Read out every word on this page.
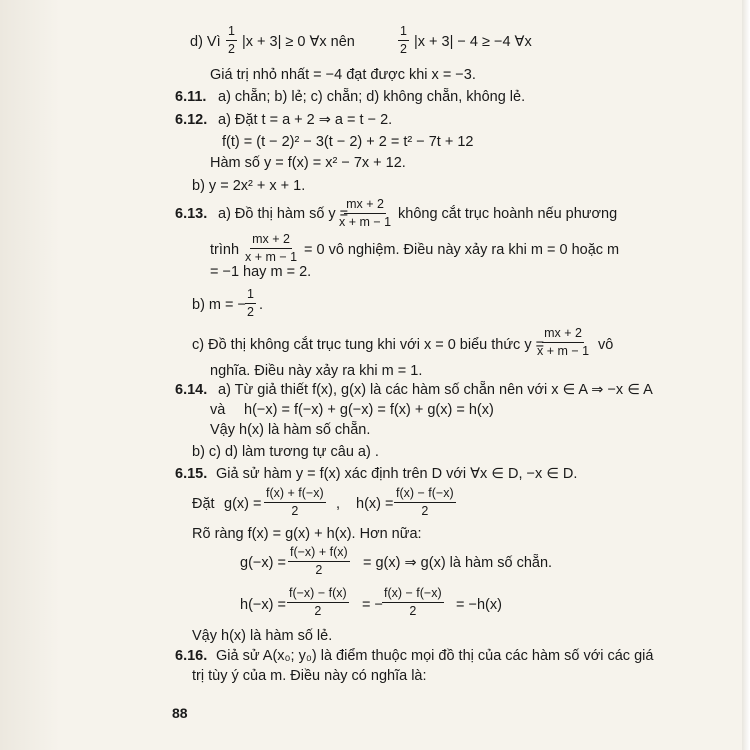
d) Vì $\frac{1}{2} |x + 3| \ge 0$ ∀x nên	$\frac{1}{2} |x + 3| - 4 \ge -4$ ∀x
Giá trị nhỏ nhất = −4 đạt được khi x = −3.
6.11. a) chẵn; b) lẻ; c) chẵn; d) không chẵn, không lẻ.
6.12. a) Đặt t = a + 2 ⇒ a = t − 2.
f(t) = (t − 2)² − 3(t − 2) + 2 = t² − 7t + 12
Hàm số y = f(x) = x² − 7x + 12.
b) y = 2x² + x + 1.
6.13. a) Đồ thị hàm số y =
$\frac{mx + 2}{x + m - 1}$ không cắt trục hoành nếu phương
trình $\frac{mx + 2}{x + m - 1} = 0$ vô nghiệm. Điều này xảy ra khi m = 0 hoặc m
= −1 hay m = 2.
b) m = − $\frac{1}{2}$ .
c) Đồ thị không cắt trục tung khi với x = 0 biểu thức y =
$\frac{mx + 2}{x + m - 1}$ vô
nghĩa. Điều này xảy ra khi m = 1.
6.14. a) Từ giả thiết f(x), g(x) là các hàm số chẵn nên với x ∈ A ⇒ −x ∈ A
và h(−x) = f(−x) + g(−x) = f(x) + g(x) = h(x)
Vậy h(x) là hàm số chẵn.
b) c) d) làm tương tự câu a) .
6.15. Giả sử hàm y = f(x) xác định trên D với ∀x ∈ D, −x ∈ D.
Đặt $g(x) = \frac{f(x) + f(-x)}{2}$ , $h(x) = \frac{f(x) - f(-x)}{2}$
Rõ ràng f(x) = g(x) + h(x). Hơn nữa:
$g(-x) = \frac{f(-x) + f(x)}{2} = g(x)$ ⇒ g(x) là hàm số chẵn.
$h(-x) = \frac{f(-x) - f(x)}{2}$ = − $\frac{f(x) - f(-x)}{2} = -h(x)$
Vậy h(x) là hàm số lẻ.
6.16. Giả sử A(x₀; y₀) là điểm thuộc mọi đồ thị của các hàm số với các giá
trị tùy ý của m. Điều này có nghĩa là:
88
